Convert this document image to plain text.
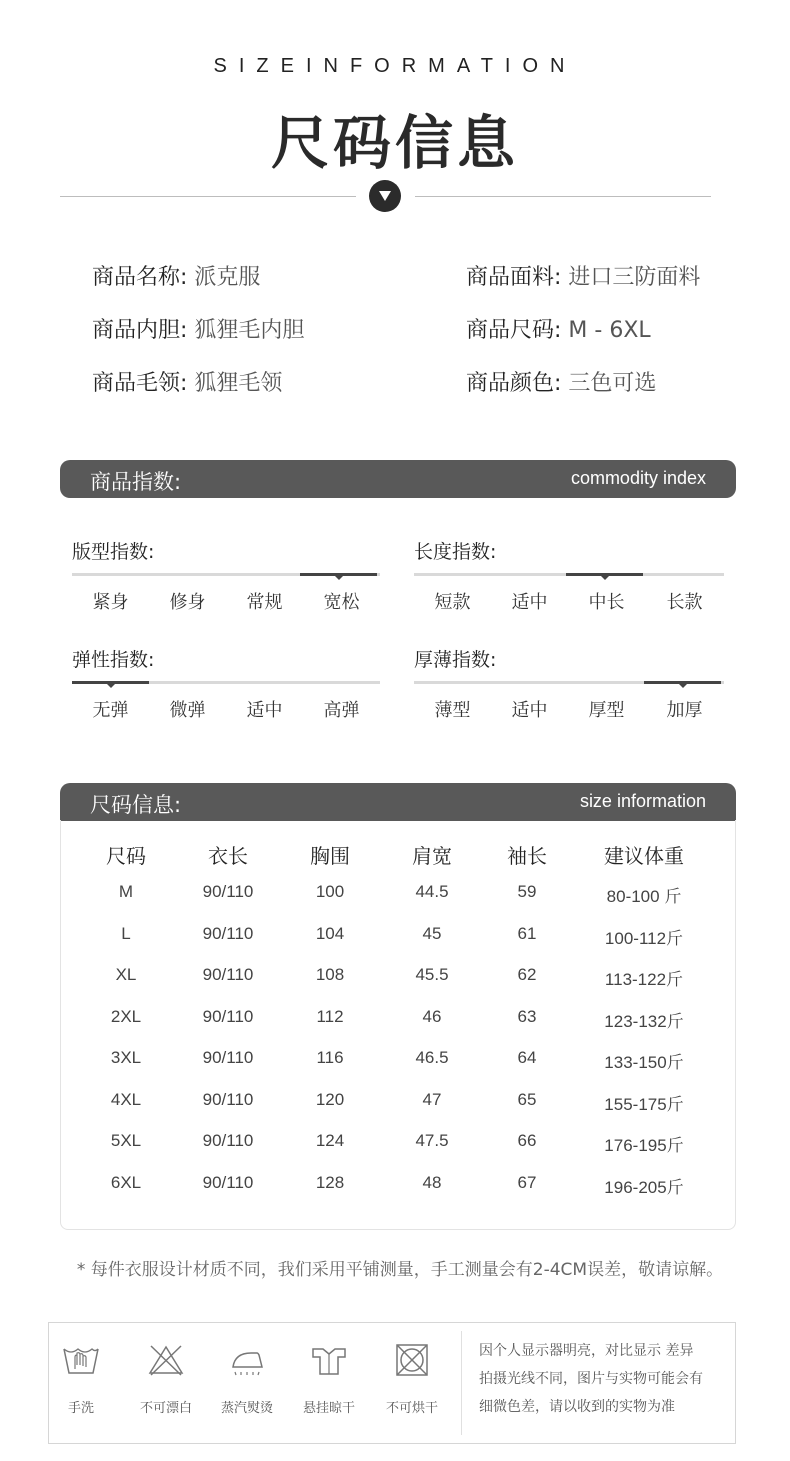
SIZEINFORMATION
尺码信息
商品名称: 派克服	商品面料: 进口三防面料
商品内胆: 狐狸毛内胆	商品尺码: M - 6XL
商品毛领: 狐狸毛领	商品颜色: 三色可选
商品指数:	commodity index
版型指数:
紧身	修身	常规	宽松
长度指数:
短款	适中	中长	长款
弹性指数:
无弹	微弹	适中	高弹
厚薄指数:
薄型	适中	厚型	加厚
尺码信息:	size information
尺码	衣长	胸围	肩宽	袖长	建议体重
M	90/110	100	44.5	59	80-100 斤
L	90/110	104	45	61	100-112斤
XL	90/110	108	45.5	62	113-122斤
2XL	90/110	112	46	63	123-132斤
3XL	90/110	116	46.5	64	133-150斤
4XL	90/110	120	47	65	155-175斤
5XL	90/110	124	47.5	66	176-195斤
6XL	90/110	128	48	67	196-205斤
* 每件衣服设计材质不同，我们采用平铺测量，手工测量会有2-4CM误差，敬请谅解。
手洗	不可漂白	蒸汽熨烫	悬挂晾干	不可烘干
因个人显示器明亮，对比显示 差异
拍摄光线不同，图片与实物可能会有
细微色差，请以收到的实物为准
